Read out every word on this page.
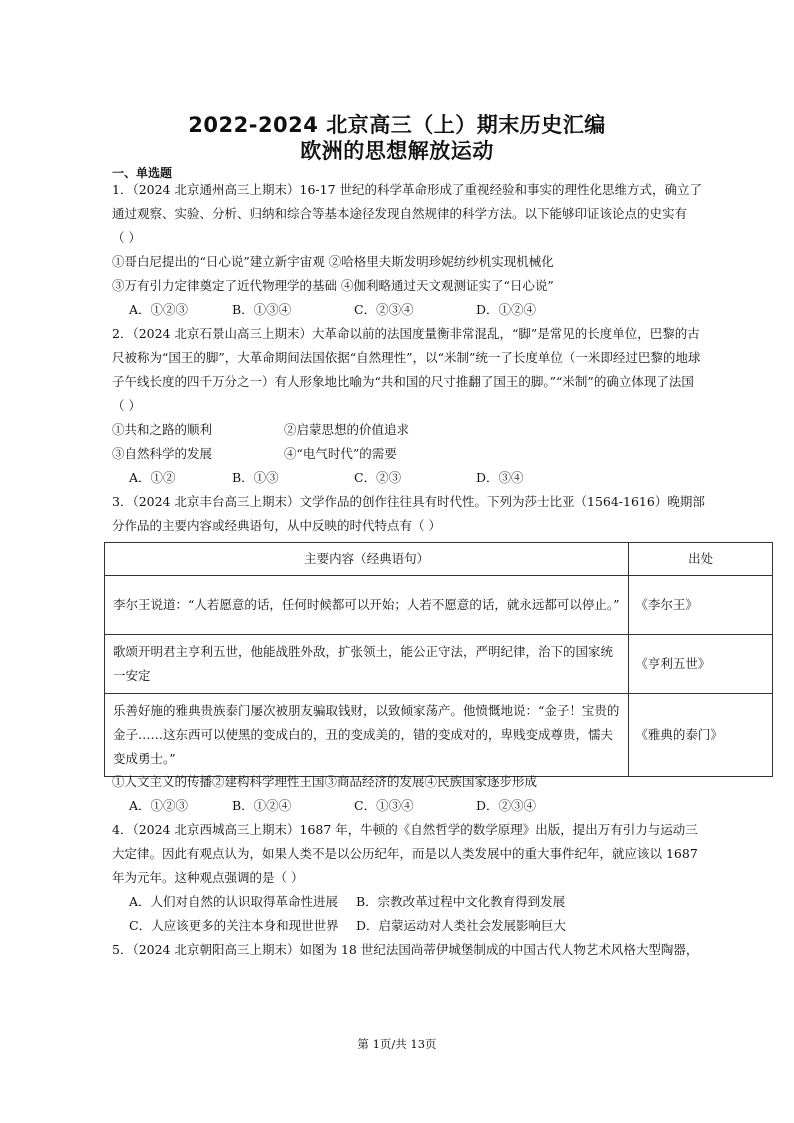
2022-2024 北京高三（上）期末历史汇编
欧洲的思想解放运动
一、单选题
1．（2024 北京通州高三上期末）16-17 世纪的科学革命形成了重视经验和事实的理性化思维方式，确立了
通过观察、实验、分析、归纳和综合等基本途径发现自然规律的科学方法。以下能够印证该论点的史实有
（ ）
①哥白尼提出的“日心说”建立新宇宙观 ②哈格里夫斯发明珍妮纺纱机实现机械化
③万有引力定律奠定了近代物理学的基础 ④伽利略通过天文观测证实了“日心说”
A．①②③	B．①③④	C．②③④	D．①②④
2．（2024 北京石景山高三上期末）大革命以前的法国度量衡非常混乱，“脚”是常见的长度单位，巴黎的古
尺被称为“国王的脚”，大革命期间法国依据“自然理性”，以“米制”统一了长度单位（一米即经过巴黎的地球
子午线长度的四千万分之一）有人形象地比喻为“共和国的尺寸推翻了国王的脚。”“米制”的确立体现了法国
（ ）
①共和之路的顺利	②启蒙思想的价值追求
③自然科学的发展	④“电气时代”的需要
A．①②	B．①③	C．②③	D．③④
3．（2024 北京丰台高三上期末）文学作品的创作往往具有时代性。下列为莎士比亚（1564-1616）晚期部
分作品的主要内容或经典语句，从中反映的时代特点有（ ）
主要内容（经典语句）	出处
李尔王说道：“人若愿意的话，任何时候都可以开始；人若不愿意的话，就永远都可以停止。”	《李尔王》
歌颂开明君主亨利五世，他能战胜外敌，扩张领土，能公正守法，严明纪律，治下的国家统一安定	《亨利五世》
乐善好施的雅典贵族泰门屡次被朋友骗取钱财，以致倾家荡产。他愤慨地说：“金子！宝贵的金子……这东西可以使黑的变成白的，丑的变成美的，错的变成对的，卑贱变成尊贵，懦夫变成勇士。”	《雅典的泰门》
①人文主义的传播②建构科学理性王国③商品经济的发展④民族国家逐步形成
A．①②③	B．①②④	C．①③④	D．②③④
4．（2024 北京西城高三上期末）1687 年，牛顿的《自然哲学的数学原理》出版，提出万有引力与运动三
大定律。因此有观点认为，如果人类不是以公历纪年，而是以人类发展中的重大事件纪年，就应该以 1687
年为元年。这种观点强调的是（ ）
A．人们对自然的认识取得革命性进展 B．宗教改革过程中文化教育得到发展
C．人应该更多的关注本身和现世世界 D．启蒙运动对人类社会发展影响巨大
5．（2024 北京朝阳高三上期末）如图为 18 世纪法国尚蒂伊城堡制成的中国古代人物艺术风格大型陶器，
第 1页/共 13页
